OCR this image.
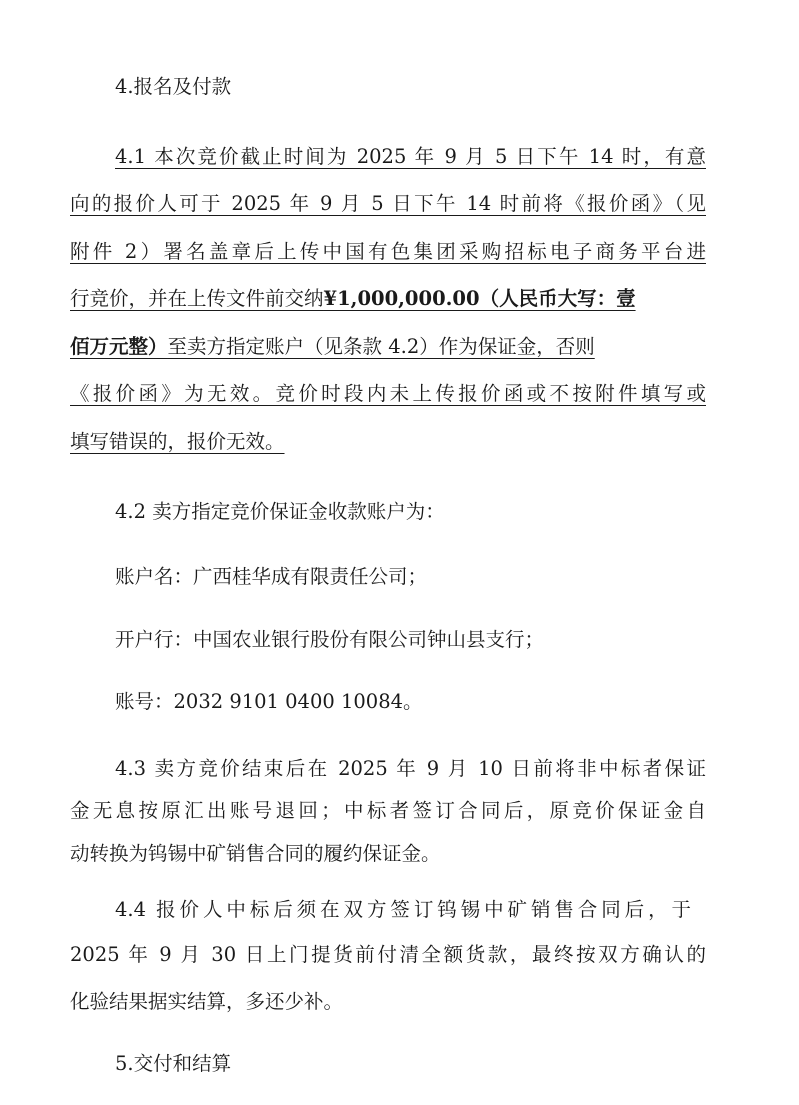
4.报名及付款
4.1 本次竞价截止时间为 2025 年 9 月 5 日下午 14 时，有意
向的报价人可于 2025 年 9 月 5 日下午 14 时前将《报价函》（见
附件 2）署名盖章后上传中国有色集团采购招标电子商务平台进
行竞价，并在上传文件前交纳¥1,000,000.00（人民币大写：壹
佰万元整）至卖方指定账户（见条款 4.2）作为保证金，否则
《报价函》为无效。竞价时段内未上传报价函或不按附件填写或
填写错误的，报价无效。
4.2 卖方指定竞价保证金收款账户为：
账户名：广西桂华成有限责任公司；
开户行：中国农业银行股份有限公司钟山县支行；
账号：2032 9101 0400 10084。
4.3 卖方竞价结束后在 2025 年 9 月 10 日前将非中标者保证
金无息按原汇出账号退回；中标者签订合同后，原竞价保证金自
动转换为钨锡中矿销售合同的履约保证金。
4.4 报价人中标后须在双方签订钨锡中矿销售合同后，于
2025 年 9 月 30 日上门提货前付清全额货款，最终按双方确认的
化验结果据实结算，多还少补。
5.交付和结算
